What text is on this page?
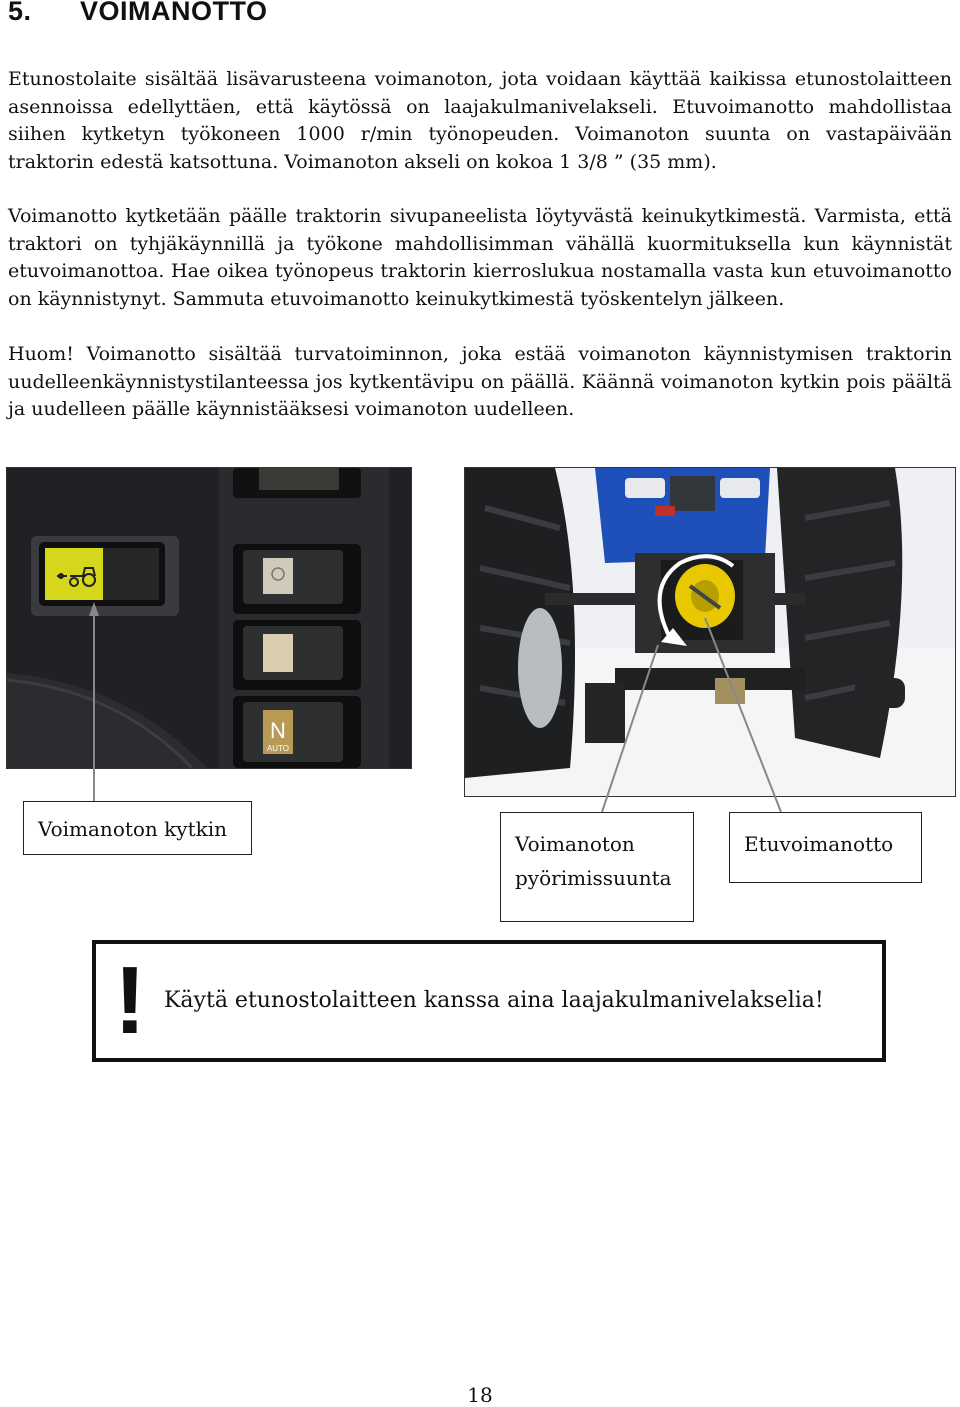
5. VOIMANOTTO

Etunostolaite sisältää lisävarusteena voimanoton, jota voidaan käyttää kaikissa etunostolaitteen asennoissa edellyttäen, että käytössä on laajakulmanivelakseli. Etuvoimanotto mahdollistaa siihen kytketyn työkoneen 1000 r/min työnopeuden. Voimanoton suunta on vastapäivään traktorin edestä katsottuna. Voimanoton akseli on kokoa 1 3/8 ” (35 mm).

Voimanotto kytketään päälle traktorin sivupaneelista löytyvästä keinukytkimestä. Varmista, että traktori on tyhjäkäynnillä ja työkone mahdollisimman vähällä kuormituksella kun käynnistät etuvoimanottoa. Hae oikea työnopeus traktorin kierroslukua nostamalla vasta kun etuvoimanotto on käynnistynyt. Sammuta etuvoimanotto keinukytkimestä työskentelyn jälkeen.

Huom! Voimanotto sisältää turvatoiminnon, joka estää voimanoton käynnistymisen traktorin uudelleenkäynnistystilanteessa jos kytkentävipu on päällä. Käännä voimanoton kytkin pois päältä ja uudelleen päälle käynnistääksesi voimanoton uudelleen.

N
AUTO
Voimanoton kytkin
Voimanoton
pyörimissuunta
Etuvoimanotto
! Käytä etunostolaitteen kanssa aina laajakulmanivelakselia!
18
